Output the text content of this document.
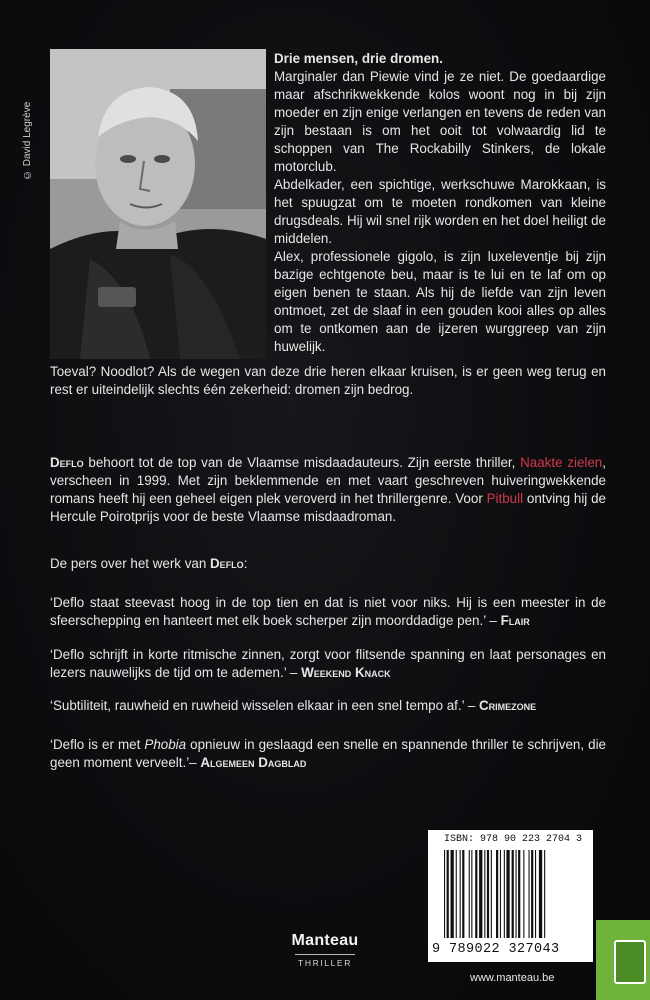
© David Legrève

Drie mensen, drie dromen.

Marginaler dan Piewie vind je ze niet. De goedaardige maar afschrikwekkende kolos woont nog in bij zijn moeder en zijn enige verlangen en tevens de reden van zijn bestaan is om het ooit tot volwaardig lid te schoppen van The Rockabilly Stinkers, de lokale motorclub.

Abdelkader, een spichtige, werkschuwe Marokkaan, is het spuugzat om te moeten rondkomen van kleine drugsdeals. Hij wil snel rijk worden en het doel heiligt de middelen.

Alex, professionele gigolo, is zijn luxeleventje bij zijn bazige echtgenote beu, maar is te lui en te laf om op eigen benen te staan. Als hij de liefde van zijn leven ontmoet, zet de slaaf in een gouden kooi alles op alles om te ontkomen aan de ijzeren wurggreep van zijn huwelijk.

Toeval? Noodlot? Als de wegen van deze drie heren elkaar kruisen, is er geen weg terug en rest er uiteindelijk slechts één zekerheid: dromen zijn bedrog.

Deflo behoort tot de top van de Vlaamse misdaadauteurs. Zijn eerste thriller, Naakte zielen, verscheen in 1999. Met zijn beklemmende en met vaart geschreven huiveringwekkende romans heeft hij een geheel eigen plek veroverd in het thrillergenre. Voor Pitbull ontving hij de Hercule Poirotprijs voor de beste Vlaamse misdaadroman.

De pers over het werk van Deflo:

‘Deflo staat steevast hoog in de top tien en dat is niet voor niks. Hij is een meester in de sfeerschepping en hanteert met elk boek scherper zijn moorddadige pen.’ – Flair

‘Deflo schrijft in korte ritmische zinnen, zorgt voor flitsende spanning en laat personages en lezers nauwelijks de tijd om te ademen.’ – Weekend Knack

‘Subtiliteit, rauwheid en ruwheid wisselen elkaar in een snel tempo af.’ – Crimezone

‘Deflo is er met Phobia opnieuw in geslaagd een snelle en spannende thriller te schrijven, die geen moment verveelt.’– Algemeen Dagblad

ISBN: 978 90 223 2704 3
9 789022 327043
Manteau
THRILLER
www.manteau.be
